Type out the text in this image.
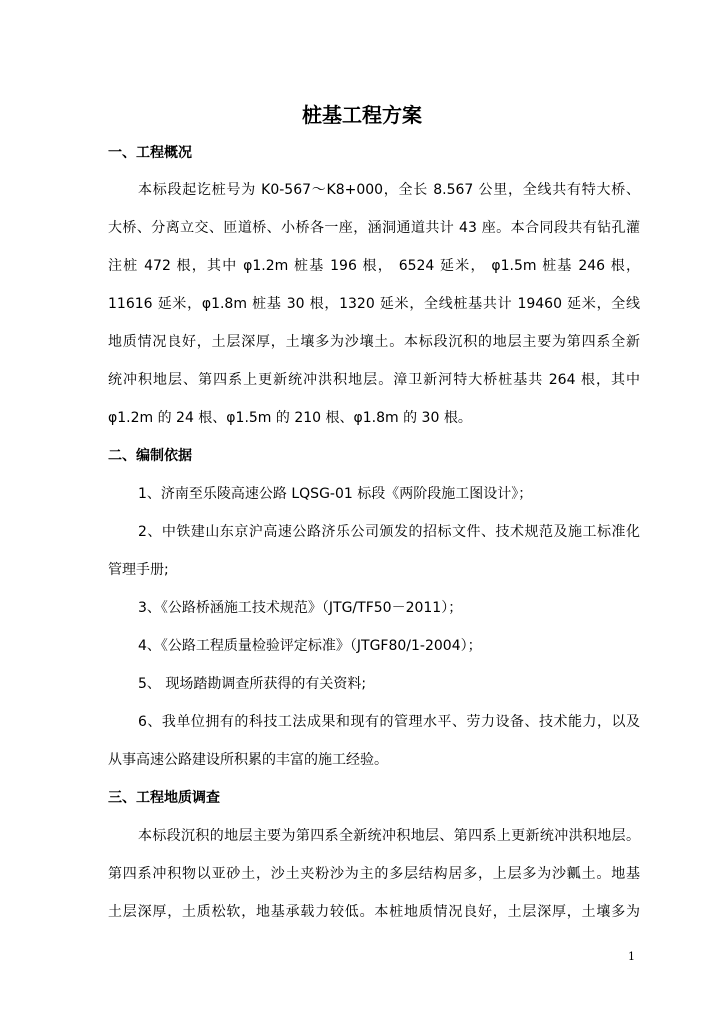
桩基工程方案
一、工程概况
本标段起讫桩号为 K0-567～K8+000，全长 8.567 公里，全线共有特大桥、
大桥、分离立交、匝道桥、小桥各一座，涵洞通道共计 43 座。本合同段共有钻孔灌
注桩 472 根，其中 φ1.2m 桩基 196 根， 6524 延米， φ1.5m 桩基 246 根，
11616 延米，φ1.8m 桩基 30 根，1320 延米，全线桩基共计 19460 延米，全线
地质情况良好，土层深厚，土壤多为沙壤土。本标段沉积的地层主要为第四系全新
统冲积地层、第四系上更新统冲洪积地层。漳卫新河特大桥桩基共 264 根，其中
φ1.2m 的 24 根、φ1.5m 的 210 根、φ1.8m 的 30 根。
二、编制依据
1、济南至乐陵高速公路 LQSG-01 标段《两阶段施工图设计》；
2、中铁建山东京沪高速公路济乐公司颁发的招标文件、技术规范及施工标准化
管理手册;
3、《公路桥涵施工技术规范》（JTG/TF50－2011）；
4、《公路工程质量检验评定标准》（JTGF80/1-2004）；
5、 现场踏勘调查所获得的有关资料;
6、我单位拥有的科技工法成果和现有的管理水平、劳力设备、技术能力，以及
从事高速公路建设所积累的丰富的施工经验。
三、工程地质调查
本标段沉积的地层主要为第四系全新统冲积地层、第四系上更新统冲洪积地层。
第四系冲积物以亚砂土，沙土夹粉沙为主的多层结构居多，上层多为沙瓤土。地基
土层深厚，土质松软，地基承载力较低。本桩地质情况良好，土层深厚，土壤多为
1
